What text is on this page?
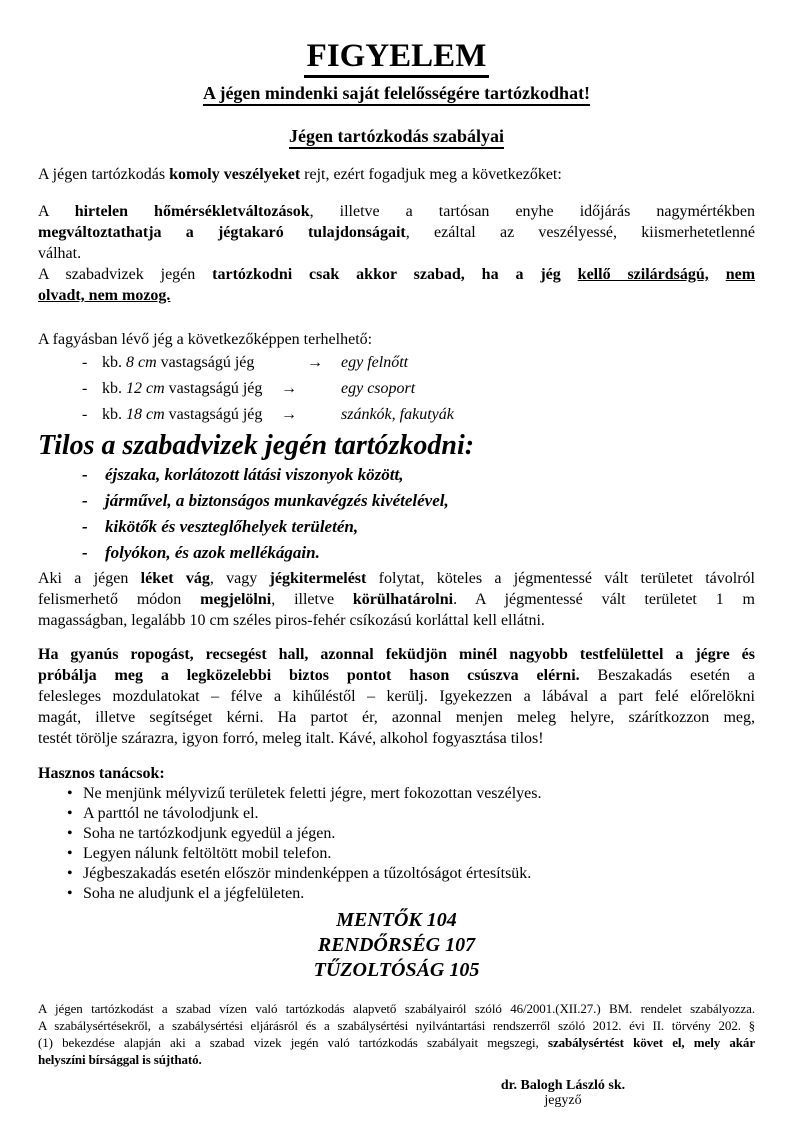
FIGYELEM
A jégen mindenki saját felelősségére tartózkodhat!
Jégen tartózkodás szabályai
A jégen tartózkodás komoly veszélyeket rejt, ezért fogadjuk meg a következőket:
A hirtelen hőmérsékletváltozások, illetve a tartósan enyhe időjárás nagymértékben
megváltoztathatja a jégtakaró tulajdonságait, ezáltal az veszélyessé, kiismerhetetlenné
válhat.
A szabadvizek jegén tartózkodni csak akkor szabad, ha a jég kellő szilárdságú, nem
olvadt, nem mozog.
A fagyásban lévő jég a következőképpen terhelhető:
- kb. 8 cm vastagságú jég	→	egy felnőtt
- kb. 12 cm vastagságú jég	→	egy csoport
- kb. 18 cm vastagságú jég	→	szánkók, fakutyák
Tilos a szabadvizek jegén tartózkodni:
-	éjszaka, korlátozott látási viszonyok között,
-	járművel, a biztonságos munkavégzés kivételével,
-	kikötők és veszteglőhelyek területén,
-	folyókon, és azok mellékágain.
Aki a jégen léket vág, vagy jégkitermelést folytat, köteles a jégmentessé vált területet távolról
felismerhető módon megjelölni, illetve körülhatárolni. A jégmentessé vált területet 1 m
magasságban, legalább 10 cm széles piros-fehér csíkozású korláttal kell ellátni.
Ha gyanús ropogást, recsegést hall, azonnal feküdjön minél nagyobb testfelülettel a jégre és
próbálja meg a legközelebbi biztos pontot hason csúszva elérni. Beszakadás esetén a
felesleges mozdulatokat – félve a kihűléstől – kerülj. Igyekezzen a lábával a part felé előrelökni
magát, illetve segítséget kérni. Ha partot ér, azonnal menjen meleg helyre, szárítkozzon meg,
testét törölje szárazra, igyon forró, meleg italt. Kávé, alkohol fogyasztása tilos!
Hasznos tanácsok:
• Ne menjünk mélyvizű területek feletti jégre, mert fokozottan veszélyes.
• A parttól ne távolodjunk el.
• Soha ne tartózkodjunk egyedül a jégen.
• Legyen nálunk feltöltött mobil telefon.
• Jégbeszakadás esetén először mindenképpen a tűzoltóságot értesítsük.
• Soha ne aludjunk el a jégfelületen.
MENTŐK 104
RENDŐRSÉG 107
TŰZOLTÓSÁG 105
A jégen tartózkodást a szabad vízen való tartózkodás alapvető szabályairól szóló 46/2001.(XII.27.) BM. rendelet szabályozza.
A szabálysértésekről, a szabálysértési eljárásról és a szabálysértési nyilvántartási rendszerről szóló 2012. évi II. törvény 202. §
(1) bekezdése alapján aki a szabad vizek jegén való tartózkodás szabályait megszegi, szabálysértést követ el, mely akár
helyszíni bírsággal is sújtható.
dr. Balogh László sk.
jegyző
